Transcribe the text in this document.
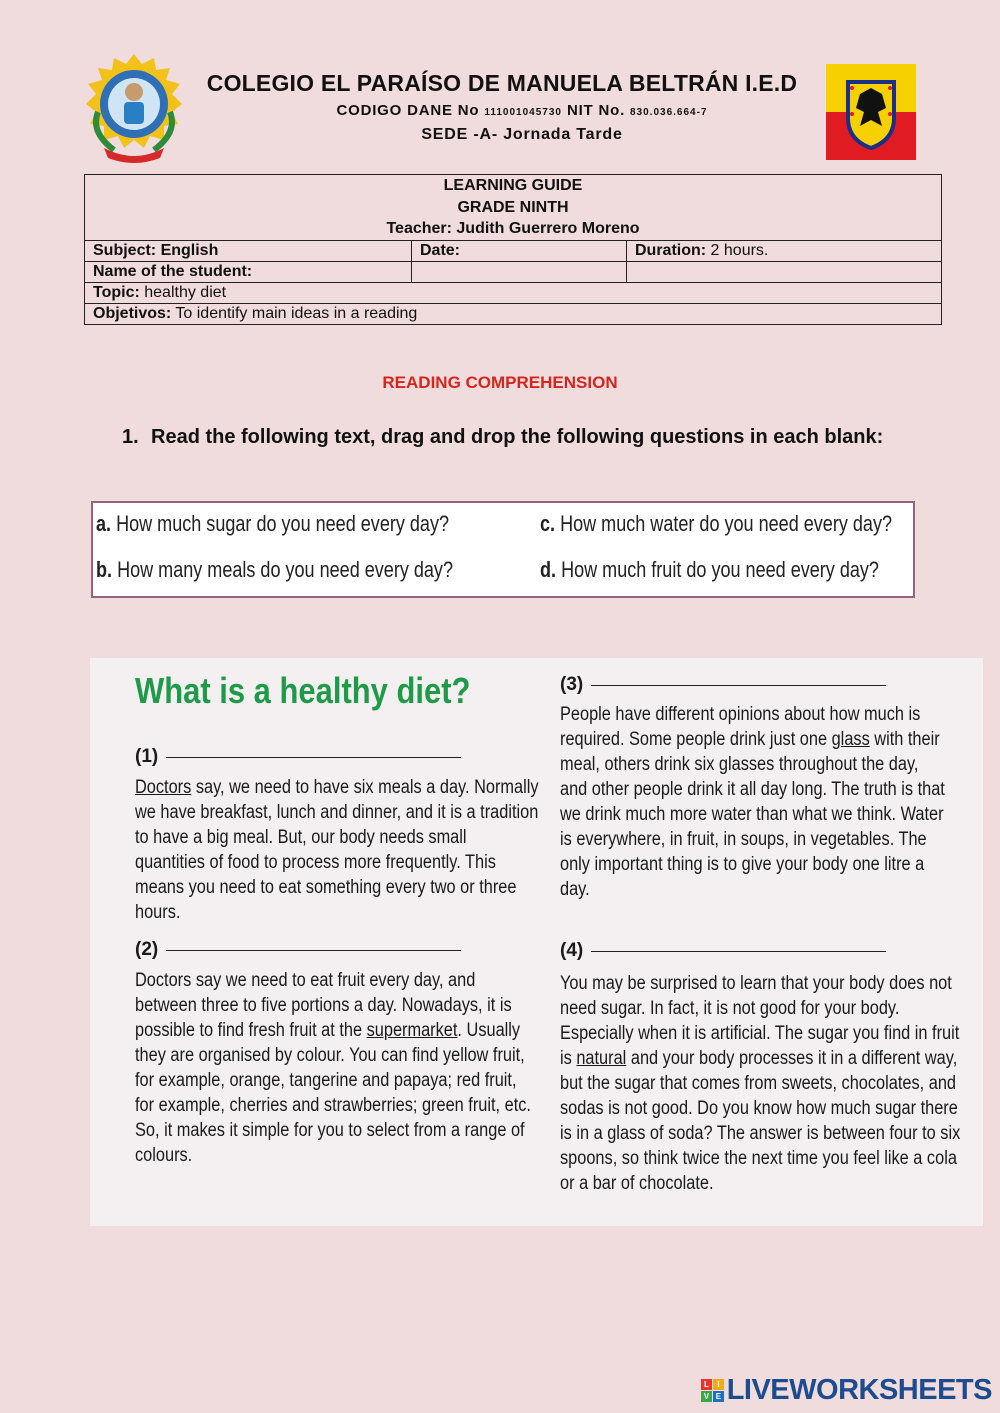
COLEGIO EL PARAÍSO DE MANUELA BELTRÁN I.E.D
CODIGO DANE No 111001045730 NIT No. 830.036.664-7
SEDE -A- Jornada Tarde
LEARNING GUIDE
GRADE NINTH
Teacher: Judith Guerrero Moreno		

Subject: English	Date:	Duration: 2 hours.
Name of the student:		
Topic: healthy diet		
Objetivos: To identify main ideas in a reading		
READING COMPREHENSION
1. Read the following text, drag and drop the following questions in each blank:
a. How much sugar do you need every day?
b. How many meals do you need every day?
c. How much water do you need every day?
d. How much fruit do you need every day?
What is a healthy diet?
(1)

Doctors say, we need to have six meals a day. Normally we have breakfast, lunch and dinner, and it is a tradition to have a big meal. But, our body needs small quantities of food to process more frequently. This means you need to eat something every two or three hours.

(2)

Doctors say we need to eat fruit every day, and between three to five portions a day. Nowadays, it is possible to find fresh fruit at the supermarket. Usually they are organised by colour. You can find yellow fruit, for example, orange, tangerine and papaya; red fruit, for example, cherries and strawberries; green fruit, etc. So, it makes it simple for you to select from a range of colours.

(3)

People have different opinions about how much is required. Some people drink just one glass with their meal, others drink six glasses throughout the day, and other people drink it all day long. The truth is that we drink much more water than what we think. Water is everywhere, in fruit, in soups, in vegetables. The only important thing is to give your body one litre a day.

(4)

You may be surprised to learn that your body does not need sugar. In fact, it is not good for your body. Especially when it is artificial. The sugar you find in fruit is natural and your body processes it in a different way, but the sugar that comes from sweets, chocolates, and sodas is not good. Do you know how much sugar there is in a glass of soda? The answer is between four to six spoons, so think twice the next time you feel like a cola or a bar of chocolate.

L	I
V E LIVEWORKSHEETS
